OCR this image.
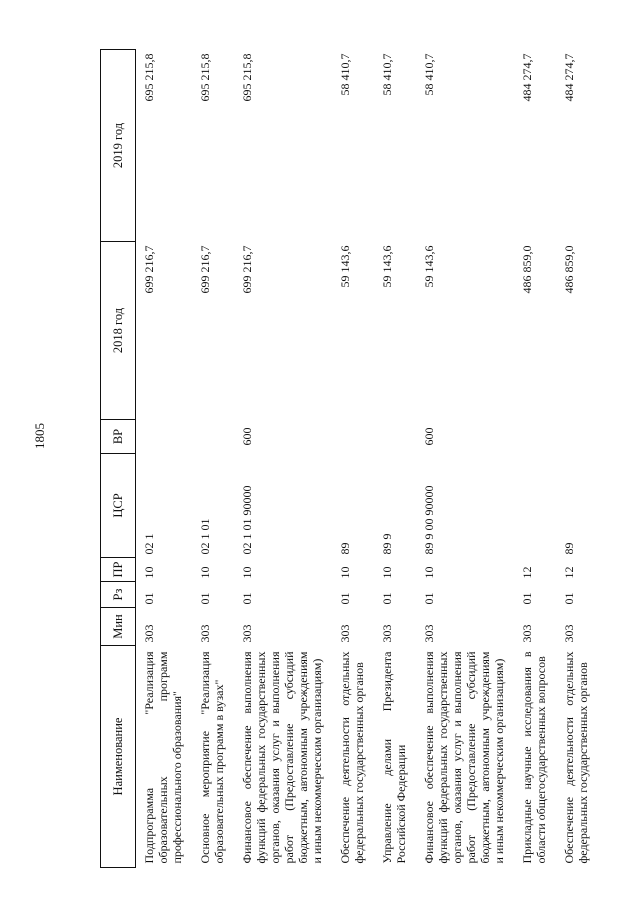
1805
Наименование	Мин	Рз	ПР	ЦСР	ВР	2018 год	2019 год
Подпрограмма "Реализация образовательных программ профессионального образования"	303	01	10	02 1		699 216,7	695 215,8
Основное мероприятие "Реализация образовательных программ в вузах"	303	01	10	02 1 01		699 216,7	695 215,8
Финансовое обеспечение выполнения функций федеральных государственных органов, оказания услуг и выполнения работ (Предоставление субсидий бюджетным, автономным учреждениям и иным некоммерческим организациям)	303	01	10	02 1 01 90000	600	699 216,7	695 215,8
Обеспечение деятельности отдельных федеральных государственных органов	303	01	10	89		59 143,6	58 410,7
Управление делами Президента Российской Федерации	303	01	10	89 9		59 143,6	58 410,7
Финансовое обеспечение выполнения функций федеральных государственных органов, оказания услуг и выполнения работ (Предоставление субсидий бюджетным, автономным учреждениям и иным некоммерческим организациям)	303	01	10	89 9 00 90000	600	59 143,6	58 410,7
Прикладные научные исследования в области общегосударственных вопросов	303	01	12			486 859,0	484 274,7
Обеспечение деятельности отдельных федеральных государственных органов	303	01	12	89		486 859,0	484 274,7
